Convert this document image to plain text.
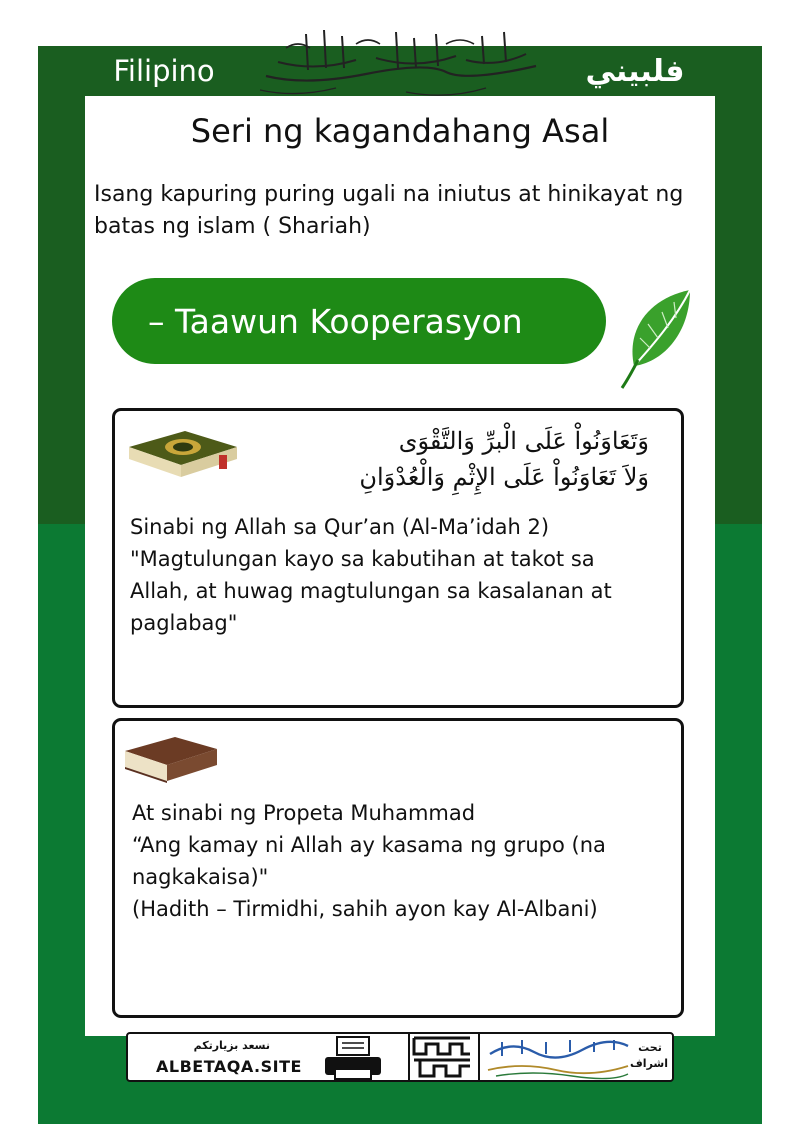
Filipino	فلبيني
Seri ng kagandahang Asal
Isang kapuring puring ugali na iniutus at hinikayat ng batas ng islam ( Shariah)
– Taawun Kooperasyon
وَتَعَاوَنُواْ عَلَى الْبرِّ وَالتَّقْوَى
وَلاَ تَعَاوَنُواْ عَلَى الإِثْمِ وَالْعُدْوَانِ
Sinabi ng Allah sa Qur’an (Al-Ma’idah 2)
"Magtulungan kayo sa kabutihan at takot sa
Allah, at huwag magtulungan sa kasalanan at
paglabag"
At sinabi ng Propeta Muhammad
“Ang kamay ni Allah ay kasama ng grupo (na
nagkakaisa)"
(Hadith – Tirmidhi, sahih ayon kay Al-Albani)
نسعد بزيارتكم
ALBETAQA.SITE
تحت
اشراف
